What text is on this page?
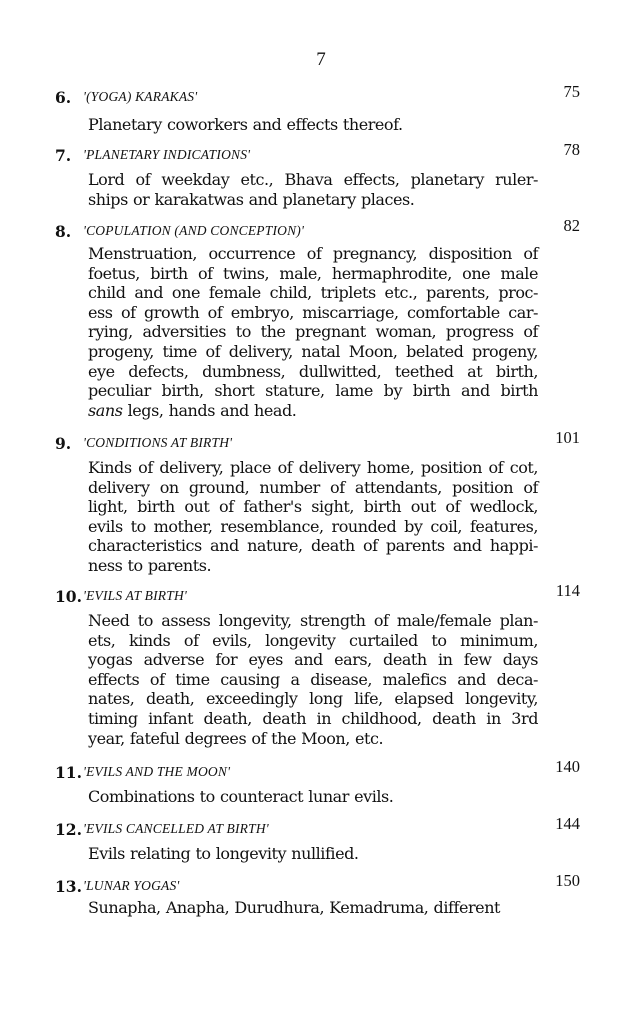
7
6. '(YOGA) KARAKAS'	75
Planetary coworkers and effects thereof.
7. 'PLANETARY INDICATIONS'	78
Lord of weekday etc., Bhava effects, planetary ruler-
ships or karakatwas and planetary places.
8. 'COPULATION (AND CONCEPTION)'	82
Menstruation, occurrence of pregnancy, disposition of
foetus, birth of twins, male, hermaphrodite, one male
child and one female child, triplets etc., parents, proc-
ess of growth of embryo, miscarriage, comfortable car-
rying, adversities to the pregnant woman, progress of
progeny, time of delivery, natal Moon, belated progeny,
eye defects, dumbness, dullwitted, teethed at birth,
peculiar birth, short stature, lame by birth and birth
sans legs, hands and head.
9. 'CONDITIONS AT BIRTH'	101
Kinds of delivery, place of delivery home, position of cot,
delivery on ground, number of attendants, position of
light, birth out of father's sight, birth out of wedlock,
evils to mother, resemblance, rounded by coil, features,
characteristics and nature, death of parents and happi-
ness to parents.
10. 'EVILS AT BIRTH'	114
Need to assess longevity, strength of male/female plan-
ets, kinds of evils, longevity curtailed to minimum,
yogas adverse for eyes and ears, death in few days
effects of time causing a disease, malefics and deca-
nates, death, exceedingly long life, elapsed longevity,
timing infant death, death in childhood, death in 3rd
year, fateful degrees of the Moon, etc.
11. 'EVILS AND THE MOON'	140
Combinations to counteract lunar evils.
12. 'EVILS CANCELLED AT BIRTH'	144
Evils relating to longevity nullified.
13. 'LUNAR YOGAS'	150
Sunapha, Anapha, Durudhura, Kemadruma, different
